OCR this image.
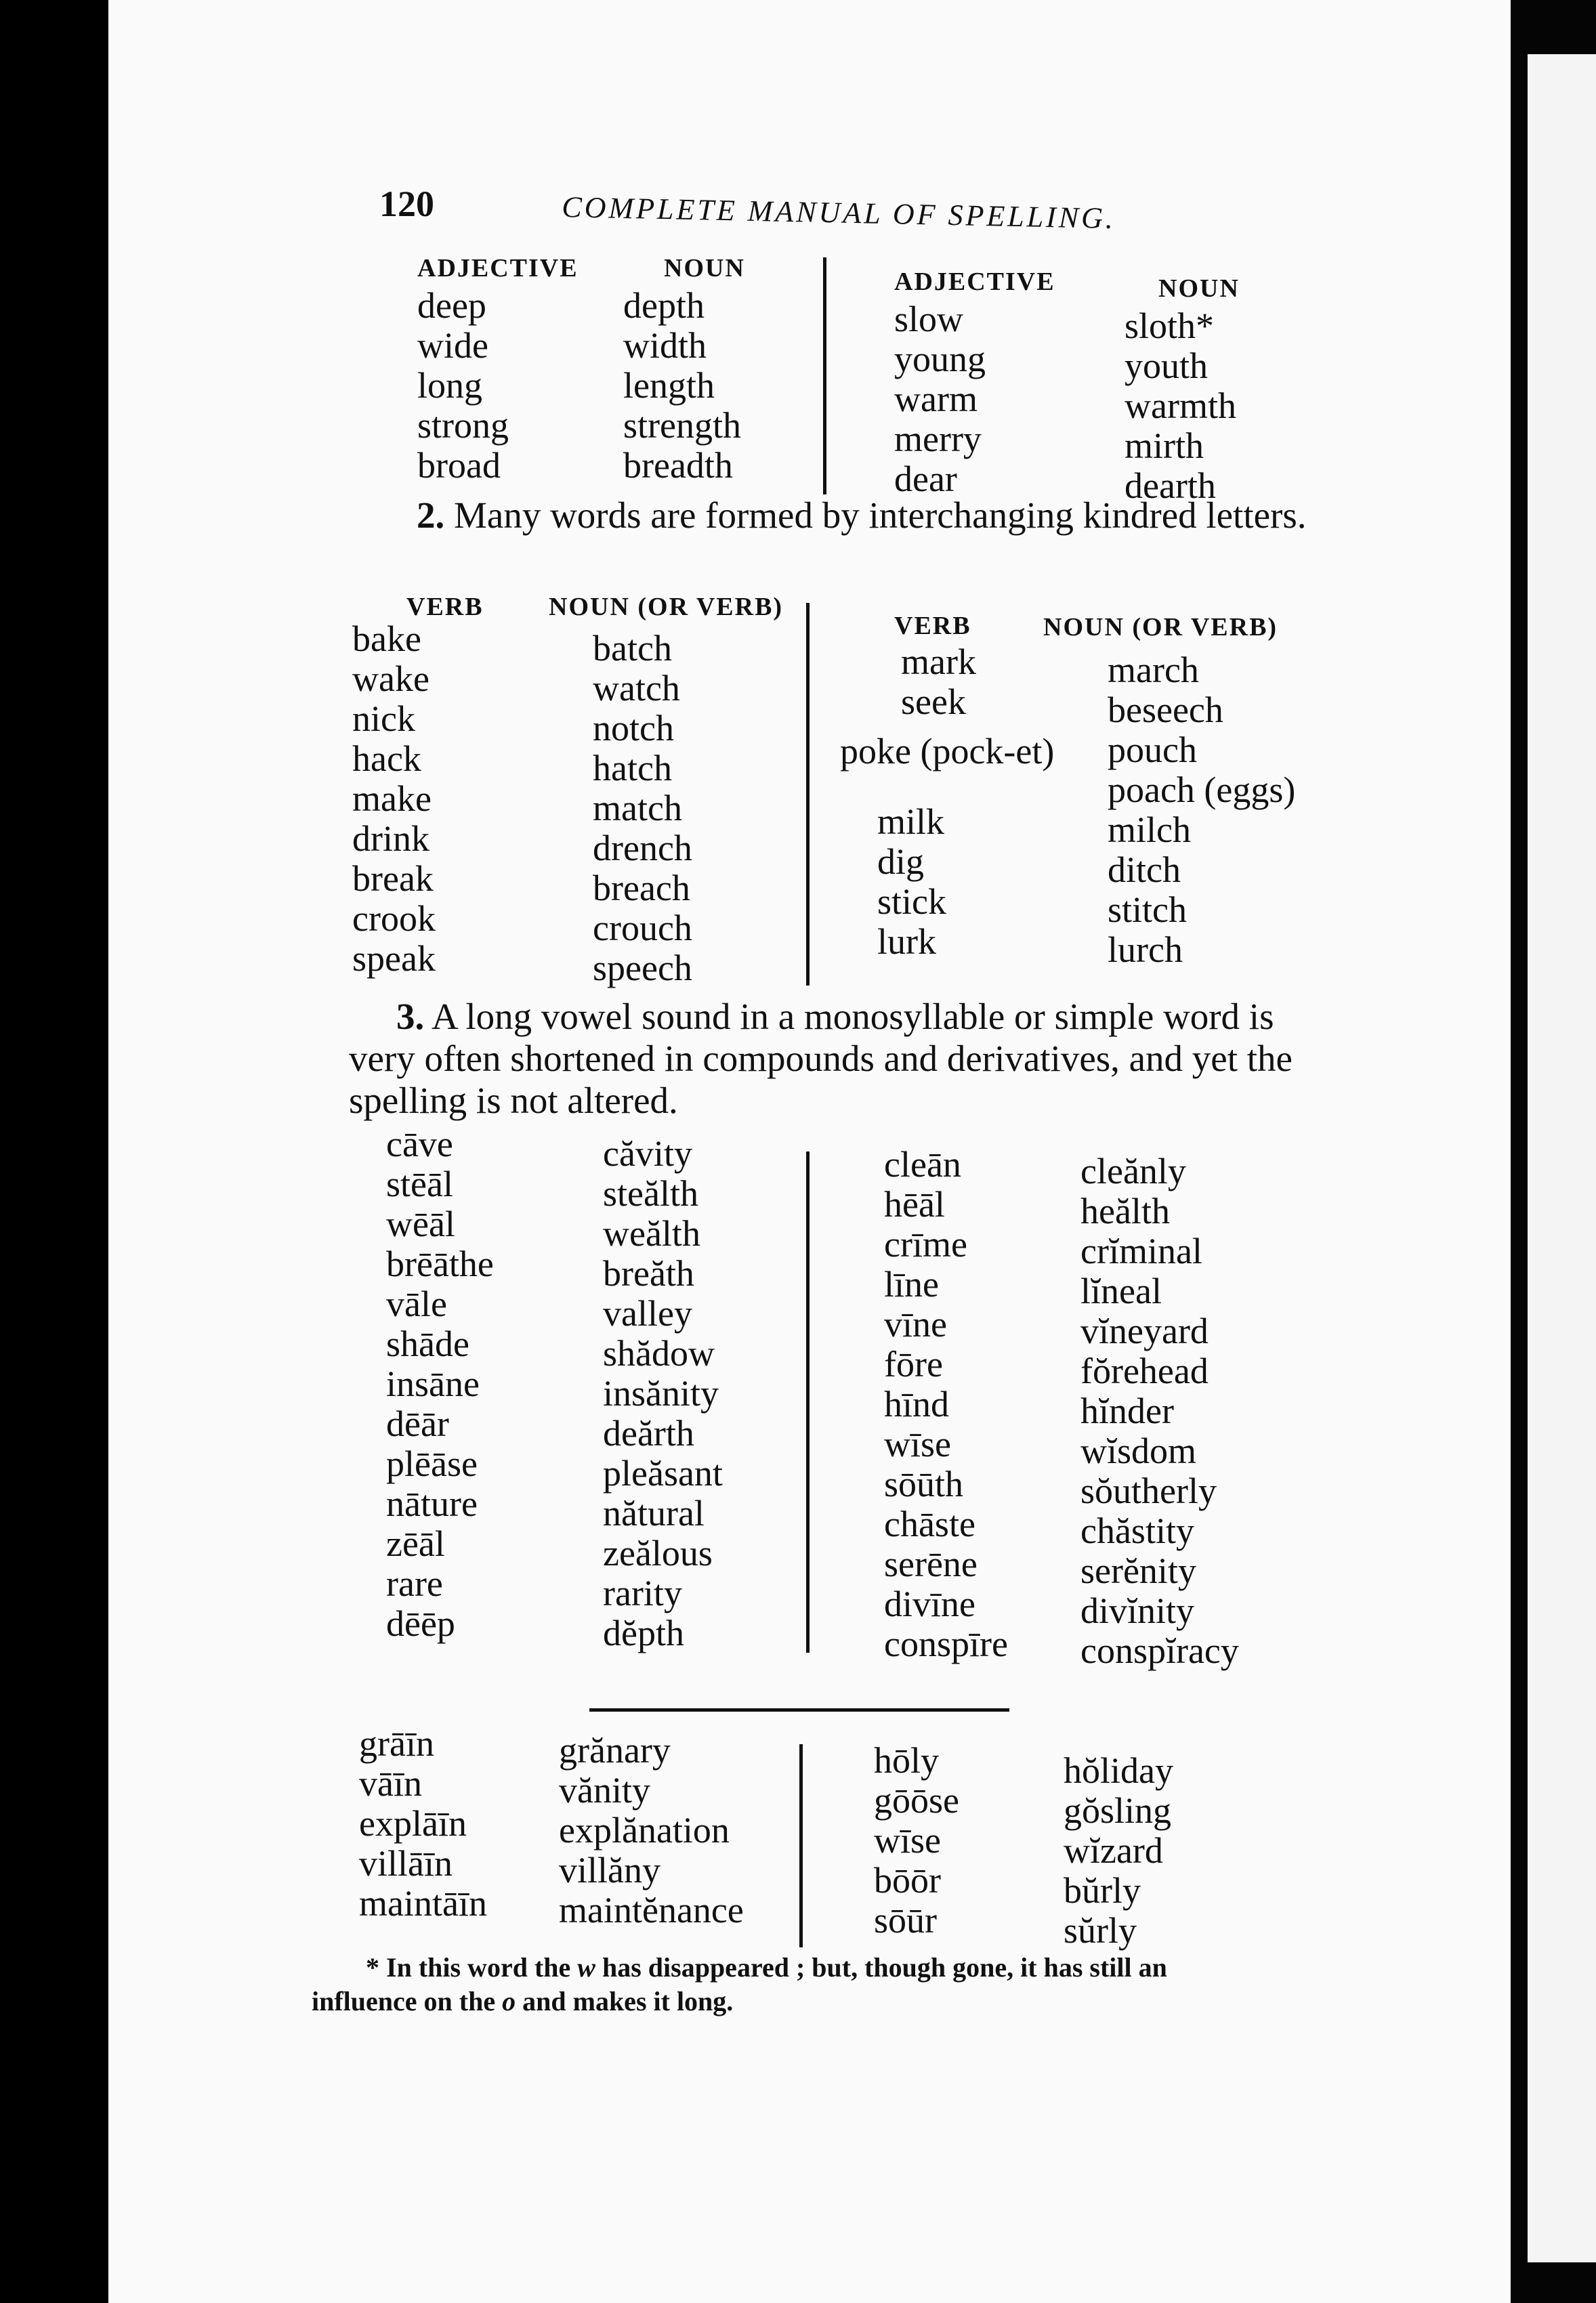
120	COMPLETE MANUAL OF SPELLING.
ADJECTIVE
deep
wide
long
strong
broad
NOUN
depth
width
length
strength
breadth
ADJECTIVE
slow
young
warm
merry
dear
NOUN
sloth*
youth
warmth
mirth
dearth
2. Many words are formed by interchanging kindred letters.
VERB
bake
wake
nick
hack
make
drink
break
crook
speak
NOUN (OR VERB)
batch
watch
notch
hatch
match
drench
breach
crouch
speech
VERB
mark
seek
poke (pock-et)
milk
dig
stick
lurk
NOUN (OR VERB)
march
beseech
pouch
poach (eggs)
milch
ditch
stitch
lurch
3. A long vowel sound in a monosyllable or simple word is very often shortened in compounds and derivatives, and yet the spelling is not altered.
cāve
stēāl
wēāl
brēāthe
vāle
shāde
insāne
dēār
plēāse
nāture
zēāl
rare
dēēp
căvity
steălth
weălth
breăth
valley
shădow
insănity
deărth
pleăsant
nătural
zeălous
rarity
dĕpth
cleān
hēāl
crīme
līne
vīne
fōre
hīnd
wīse
sōūth
chāste
serēne
divīne
conspīre
cleănly
heălth
crĭminal
lĭneal
vĭneyard
fŏrehead
hĭnder
wĭsdom
sŏutherly
chăstity
serĕnity
divĭnity
conspĭracy
grāīn
vāīn
explāīn
villāīn
maintāīn
grănary
vănity
explănation
villăny
maintĕnance
hōly
gōōse
wīse
bōōr
sōūr
hŏliday
gŏsling
wĭzard
bŭrly
sŭrly
* In this word the w has disappeared ; but, though gone, it has still an influence on the o and makes it long.
